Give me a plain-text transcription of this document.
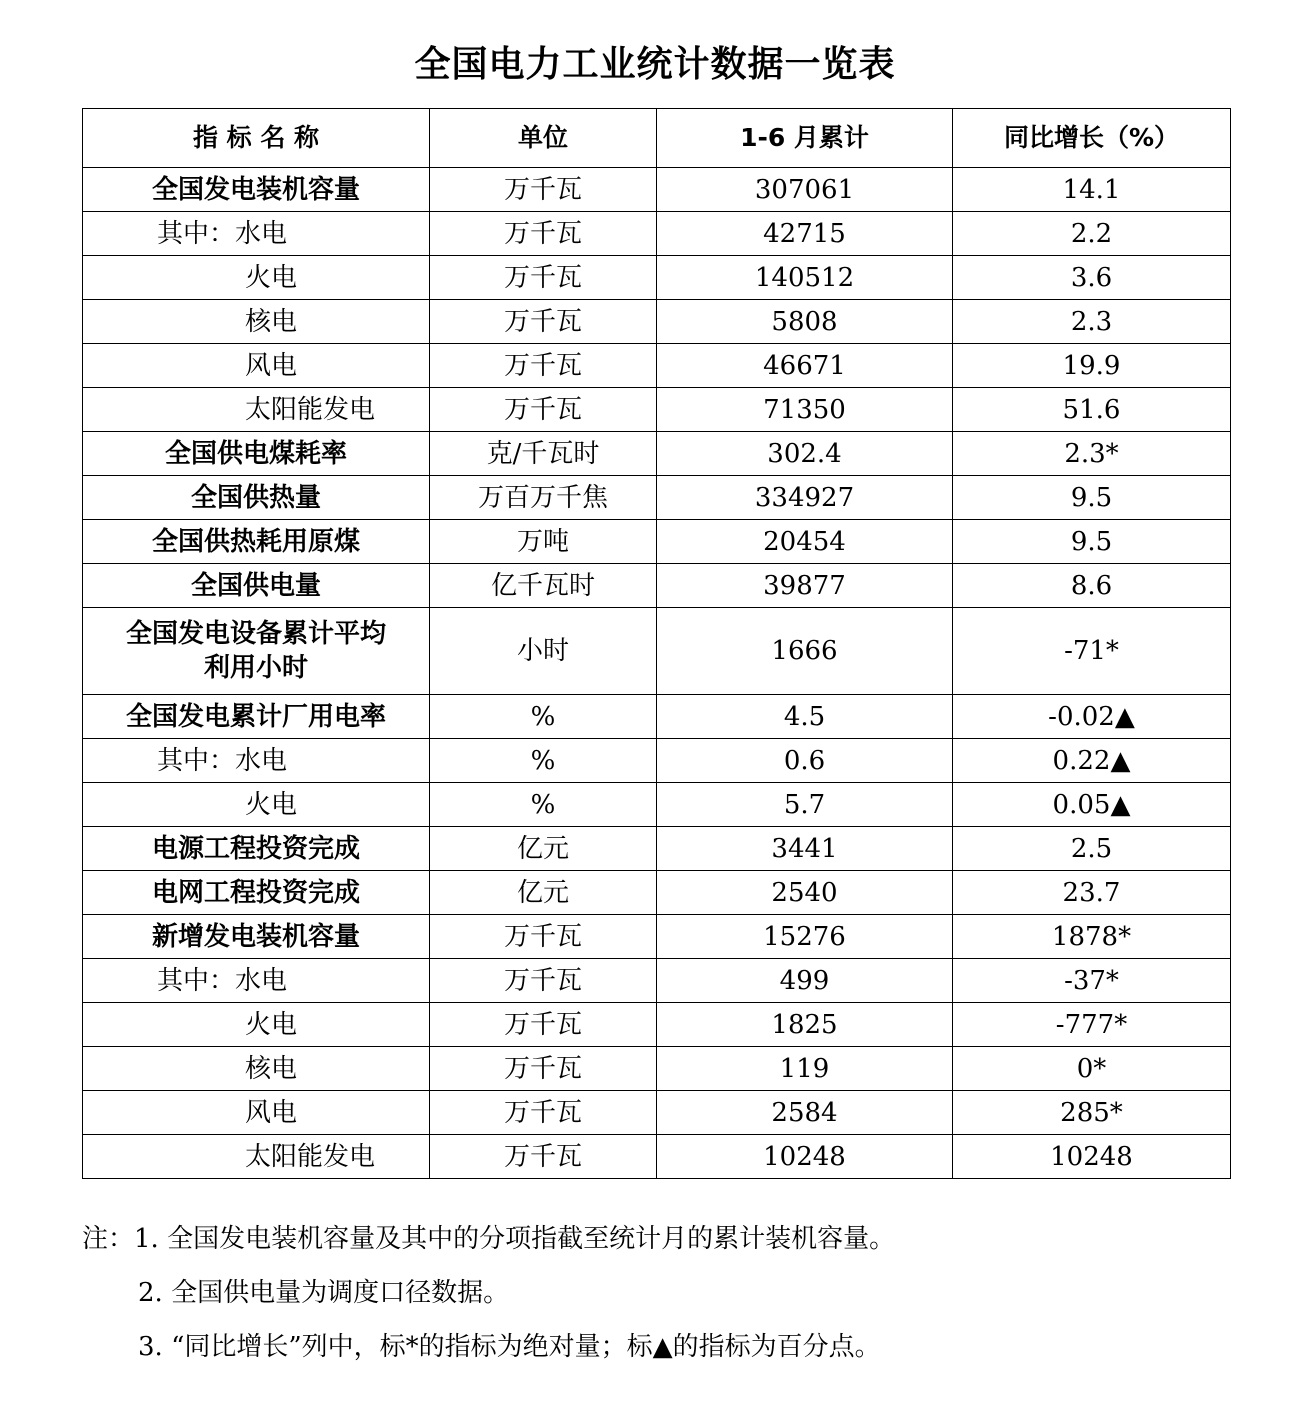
全国电力工业统计数据一览表
指 标 名 称	单位	1-6 月累计	同比增长（%）
全国发电装机容量	万千瓦	307061	14.1
其中：水电	万千瓦	42715	2.2
火电	万千瓦	140512	3.6
核电	万千瓦	5808	2.3
风电	万千瓦	46671	19.9
太阳能发电	万千瓦	71350	51.6
全国供电煤耗率	克/千瓦时	302.4	2.3*
全国供热量	万百万千焦	334927	9.5
全国供热耗用原煤	万吨	20454	9.5
全国供电量	亿千瓦时	39877	8.6

全国发电设备累计平均
利用小时	小时	1666	-71*
全国发电累计厂用电率	%	4.5	-0.02▲
其中：水电	%	0.6	0.22▲
火电	%	5.7	0.05▲
电源工程投资完成	亿元	3441	2.5
电网工程投资完成	亿元	2540	23.7
新增发电装机容量	万千瓦	15276	1878*
其中：水电	万千瓦	499	-37*
火电	万千瓦	1825	-777*
核电	万千瓦	119	0*
风电	万千瓦	2584	285*
太阳能发电	万千瓦	10248	10248
注：1. 全国发电装机容量及其中的分项指截至统计月的累计装机容量。
2. 全国供电量为调度口径数据。
3. “同比增长”列中，标*的指标为绝对量；标▲的指标为百分点。
